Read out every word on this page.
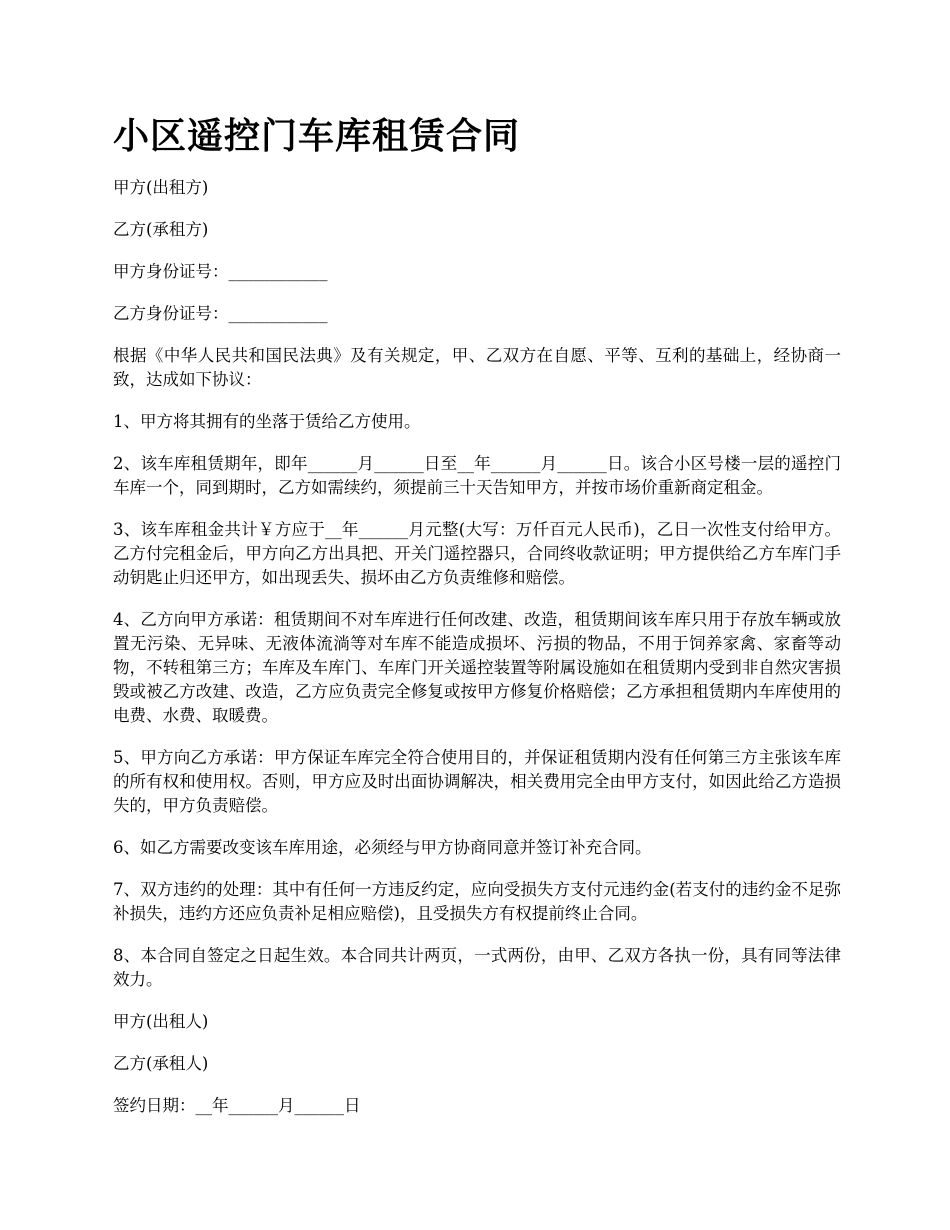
小区遥控门车库租赁合同

甲方(出租方)

乙方(承租方)

甲方身份证号：____________

乙方身份证号：____________

根据《中华人民共和国民法典》及有关规定，甲、乙双方在自愿、平等、互利的基础上，经协商一致，达成如下协议：

1、甲方将其拥有的坐落于赁给乙方使用。

2、该车库租赁期年，即年______月______日至__年______月______日。该合小区号楼一层的遥控门车库一个，同到期时，乙方如需续约，须提前三十天告知甲方，并按市场价重新商定租金。

3、该车库租金共计￥方应于__年______月元整(大写：万仟百元人民币)，乙日一次性支付给甲方。乙方付完租金后，甲方向乙方出具把、开关门遥控器只，合同终收款证明；甲方提供给乙方车库门手动钥匙止归还甲方，如出现丢失、损坏由乙方负责维修和赔偿。

4、乙方向甲方承诺：租赁期间不对车库进行任何改建、改造，租赁期间该车库只用于存放车辆或放置无污染、无异味、无液体流淌等对车库不能造成损坏、污损的物品，不用于饲养家禽、家畜等动物，不转租第三方；车库及车库门、车库门开关遥控装置等附属设施如在租赁期内受到非自然灾害损毁或被乙方改建、改造，乙方应负责完全修复或按甲方修复价格赔偿；乙方承担租赁期内车库使用的电费、水费、取暖费。

5、甲方向乙方承诺：甲方保证车库完全符合使用目的，并保证租赁期内没有任何第三方主张该车库的所有权和使用权。否则，甲方应及时出面协调解决，相关费用完全由甲方支付，如因此给乙方造损失的，甲方负责赔偿。

6、如乙方需要改变该车库用途，必须经与甲方协商同意并签订补充合同。

7、双方违约的处理：其中有任何一方违反约定，应向受损失方支付元违约金(若支付的违约金不足弥补损失，违约方还应负责补足相应赔偿)，且受损失方有权提前终止合同。

8、本合同自签定之日起生效。本合同共计两页，一式两份，由甲、乙双方各执一份，具有同等法律效力。

甲方(出租人)

乙方(承租人)

签约日期：__年______月______日
